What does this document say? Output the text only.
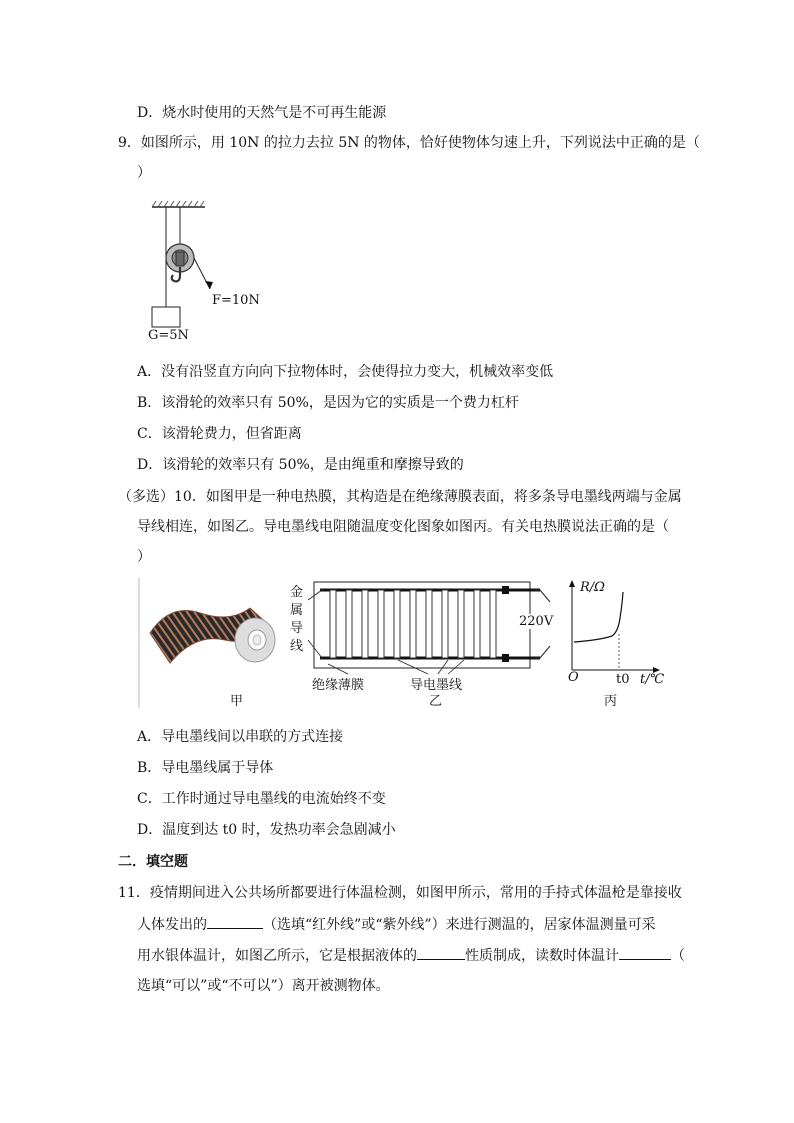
D．烧水时使用的天然气是不可再生能源
9．如图所示，用 10N 的拉力去拉 5N 的物体，恰好使物体匀速上升，下列说法中正确的是（
）
F=10N
G=5N
A．没有沿竖直方向向下拉物体时，会使得拉力变大，机械效率变低
B．该滑轮的效率只有 50%，是因为它的实质是一个费力杠杆
C．该滑轮费力，但省距离
D．该滑轮的效率只有 50%，是由绳重和摩擦导致的
（多选）10．如图甲是一种电热膜，其构造是在绝缘薄膜表面，将多条导电墨线两端与金属
导线相连，如图乙。导电墨线电阻随温度变化图象如图丙。有关电热膜说法正确的是（
）
甲
金属导线
220V
绝缘薄膜	导电墨线
乙
R/Ω
t/℃
O	t0
丙
A．导电墨线间以串联的方式连接
B．导电墨线属于导体
C．工作时通过导电墨线的电流始终不变
D．温度到达 t0 时，发热功率会急剧减小
二．填空题
11．疫情期间进入公共场所都要进行体温检测，如图甲所示，常用的手持式体温枪是靠接收
人体发出的	（选填“红外线”或“紫外线”）来进行测温的，居家体温测量可采
用水银体温计，如图乙所示，它是根据液体的	性质制成，读数时体温计	（
选填“可以”或“不可以”）离开被测物体。
